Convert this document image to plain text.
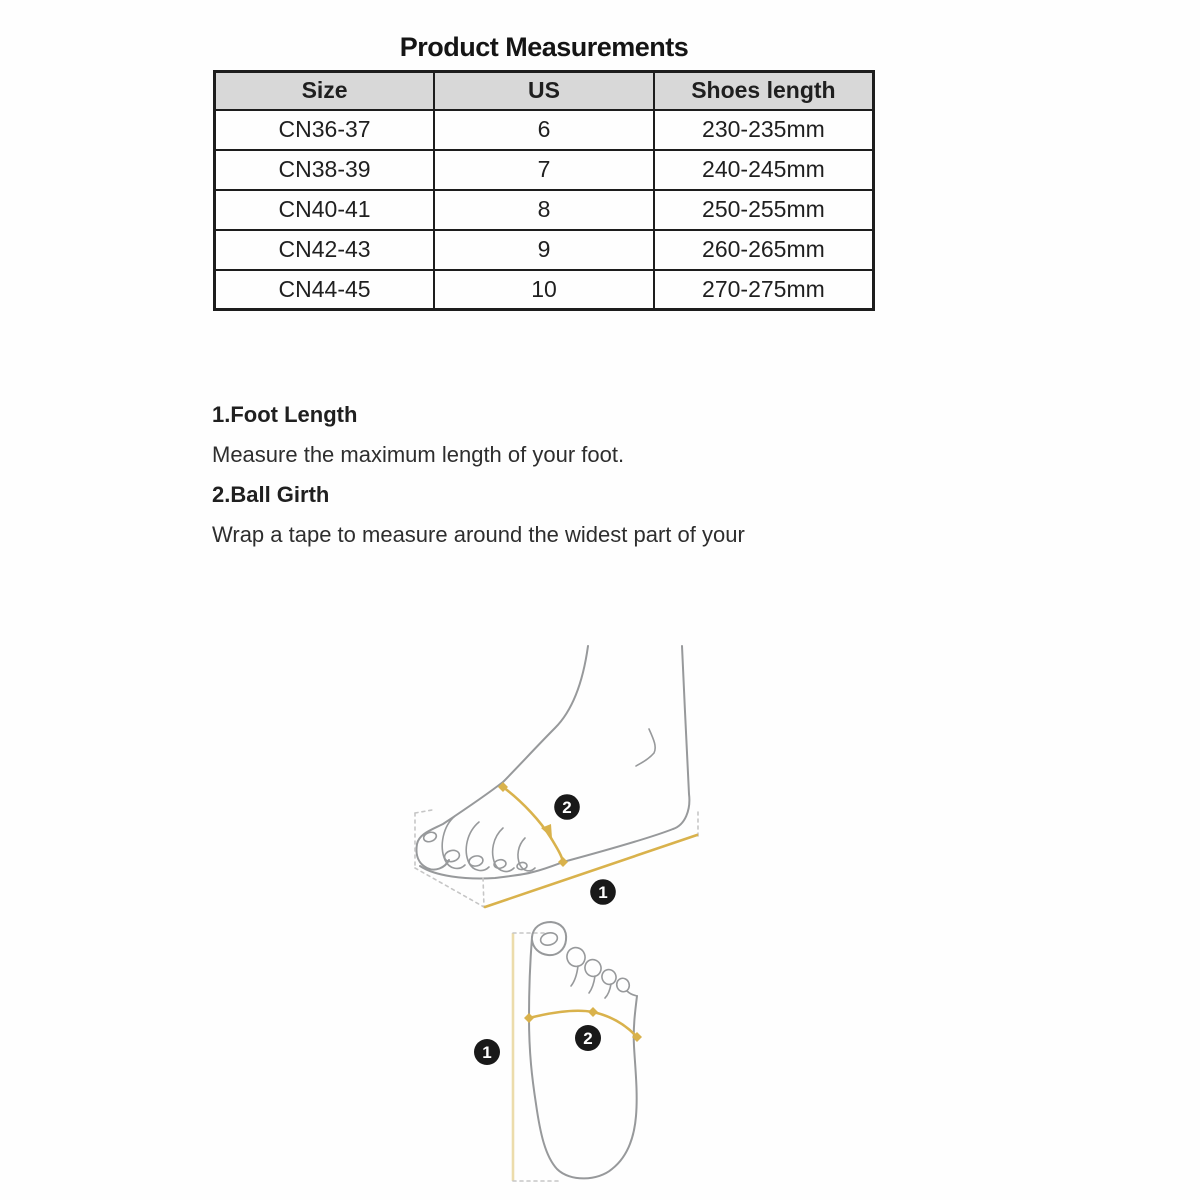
Product Measurements
Size	US	Shoes length
CN36-37	6	230-235mm
CN38-39	7	240-245mm
CN40-41	8	250-255mm
CN42-43	9	260-265mm
CN44-45	10	270-275mm
1.Foot Length

Measure the maximum length of your foot.

2.Ball Girth

Wrap a tape to measure around the widest part of your

2
1
1
2
